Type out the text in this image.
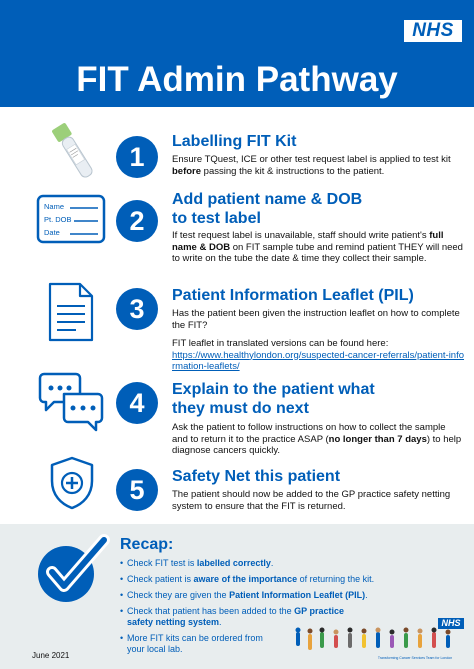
NHS
FIT Admin Pathway
1
Labelling FIT Kit
Ensure TQuest, ICE or other test request label is applied to test kit before passing the kit & instructions to the patient.
Name
Pt. DOB
Date	2
Add patient name & DOB
to test label
If test request label is unavailable, staff should write patient's full name & DOB on FIT sample tube and remind patient THEY will need to write on the tube the date & time they collect their sample.
3	Patient Information Leaflet (PIL)
Has the patient been given the instruction leaflet on how to complete the FIT?
FIT leaflet in translated versions can be found here:
https://www.healthylondon.org/suspected-cancer-referrals/patient-information-leaflets/
4	Explain to the patient what
they must do next
Ask the patient to follow instructions on how to collect the sample and to return it to the practice ASAP (no longer than 7 days) to help diagnose cancers quickly.
5	Safety Net this patient
The patient should now be added to the GP practice safety netting system to ensure that the FIT is returned.
Recap:
• Check FIT test is labelled correctly.
• Check patient is aware of the importance of returning the kit.
• Check they are given the Patient Information Leaflet (PIL).
• Check that patient has been added to the GP practice safety netting system.
• More FIT kits can be ordered from your local lab.
NHS
Transforming Cancer Services Team for London
June 2021
